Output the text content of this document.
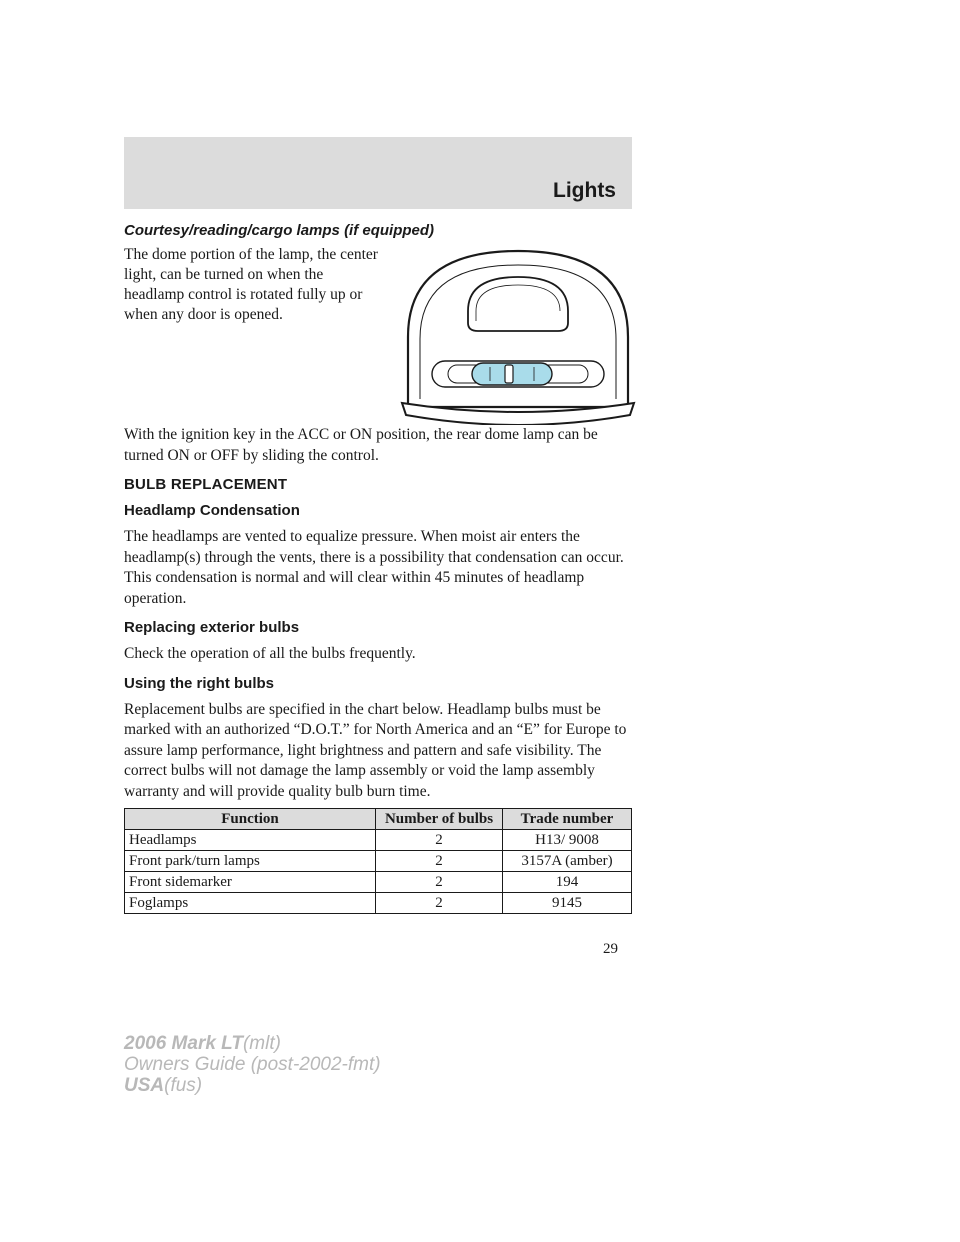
Lights
Courtesy/reading/cargo lamps (if equipped)

The dome portion of the lamp, the center light, can be turned on when the headlamp control is rotated fully up or when any door is opened.

With the ignition key in the ACC or ON position, the rear dome lamp can be turned ON or OFF by sliding the control.

BULB REPLACEMENT
Headlamp Condensation

The headlamps are vented to equalize pressure. When moist air enters the headlamp(s) through the vents, there is a possibility that condensation can occur. This condensation is normal and will clear within 45 minutes of headlamp operation.

Replacing exterior bulbs

Check the operation of all the bulbs frequently.

Using the right bulbs

Replacement bulbs are specified in the chart below. Headlamp bulbs must be marked with an authorized “D.O.T.” for North America and an “E” for Europe to assure lamp performance, light brightness and pattern and safe visibility. The correct bulbs will not damage the lamp assembly or void the lamp assembly warranty and will provide quality bulb burn time.

Function	Number of bulbs	Trade number
Headlamps	2	H13/ 9008
Front park/turn lamps	2	3157A (amber)
Front sidemarker	2	194
Foglamps	2	9145
29
2006 Mark LT(mlt)
Owners Guide (post-2002-fmt)
USA(fus)
